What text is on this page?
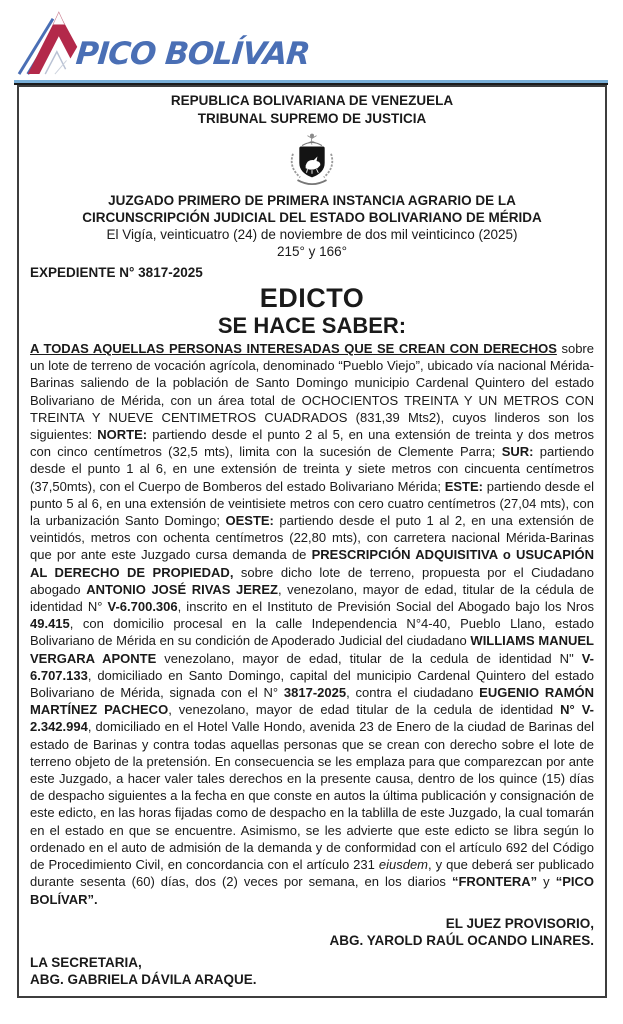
PICO BOLÍVAR
REPUBLICA BOLIVARIANA DE VENEZUELA
TRIBUNAL SUPREMO DE JUSTICIA
JUZGADO PRIMERO DE PRIMERA INSTANCIA AGRARIO DE LA
CIRCUNSCRIPCIÓN JUDICIAL DEL ESTADO BOLIVARIANO DE MÉRIDA
El Vigía, veinticuatro (24) de noviembre de dos mil veinticinco (2025)
215° y 166°
EXPEDIENTE N° 3817-2025
EDICTO
SE HACE SABER:

A TODAS AQUELLAS PERSONAS INTERESADAS QUE SE CREAN CON DERECHOS sobre un lote de terreno de vocación agrícola, denominado “Pueblo Viejo”, ubicado vía nacional Mérida-Barinas saliendo de la población de Santo Domingo municipio Cardenal Quintero del estado Bolivariano de Mérida, con un área total de OCHOCIENTOS TREINTA Y UN METROS CON TREINTA Y NUEVE CENTIMETROS CUADRADOS (831,39 Mts2), cuyos linderos son los siguientes: NORTE: partiendo desde el punto 2 al 5, en una extensión de treinta y dos metros con cinco centímetros (32,5 mts), limita con la sucesión de Clemente Parra; SUR: partiendo desde el punto 1 al 6, en une extensión de treinta y siete metros con cincuenta centímetros (37,50mts), con el Cuerpo de Bomberos del estado Bolivariano Mérida; ESTE: partiendo desde el punto 5 al 6, en una extensión de veintisiete metros con cero cuatro centímetros (27,04 mts), con la urbanización Santo Domingo; OESTE: partiendo desde el puto 1 al 2, en una extensión de veintidós, metros con ochenta centímetros (22,80 mts), con carretera nacional Mérida-Barinas que por ante este Juzgado cursa demanda de PRESCRIPCIÓN ADQUISITIVA o USUCAPIÓN AL DERECHO DE PROPIEDAD, sobre dicho lote de terreno, propuesta por el Ciudadano abogado ANTONIO JOSÉ RIVAS JEREZ, venezolano, mayor de edad, titular de la cédula de identidad N° V-6.700.306, inscrito en el Instituto de Previsión Social del Abogado bajo los Nros 49.415, con domicilio procesal en la calle Independencia N°4-40, Pueblo Llano, estado Bolivariano de Mérida en su condición de Apoderado Judicial del ciudadano WILLIAMS MANUEL VERGARA APONTE venezolano, mayor de edad, titular de la cedula de identidad N" V-6.707.133, domiciliado en Santo Domingo, capital del municipio Cardenal Quintero del estado Bolivariano de Mérida, signada con el N° 3817-2025, contra el ciudadano EUGENIO RAMÓN MARTÍNEZ PACHECO, venezolano, mayor de edad titular de la cedula de identidad N° V-2.342.994, domiciliado en el Hotel Valle Hondo, avenida 23 de Enero de la ciudad de Barinas del estado de Barinas y contra todas aquellas personas que se crean con derecho sobre el lote de terreno objeto de la pretensión. En consecuencia se les emplaza para que comparezcan por ante este Juzgado, a hacer valer tales derechos en la presente causa, dentro de los quince (15) días de despacho siguientes a la fecha en que conste en autos la última publicación y consignación de este edicto, en las horas fijadas como de despacho en la tablilla de este Juzgado, la cual tomarán en el estado en que se encuentre. Asimismo, se les advierte que este edicto se libra según lo ordenado en el auto de admisión de la demanda y de conformidad con el artículo 692 del Código de Procedimiento Civil, en concordancia con el artículo 231 eiusdem, y que deberá ser publicado durante sesenta (60) días, dos (2) veces por semana, en los diarios “FRONTERA” y “PICO BOLÍVAR”.

EL JUEZ PROVISORIO,
ABG. YAROLD RAÚL OCANDO LINARES.
LA SECRETARIA,
ABG. GABRIELA DÁVILA ARAQUE.
